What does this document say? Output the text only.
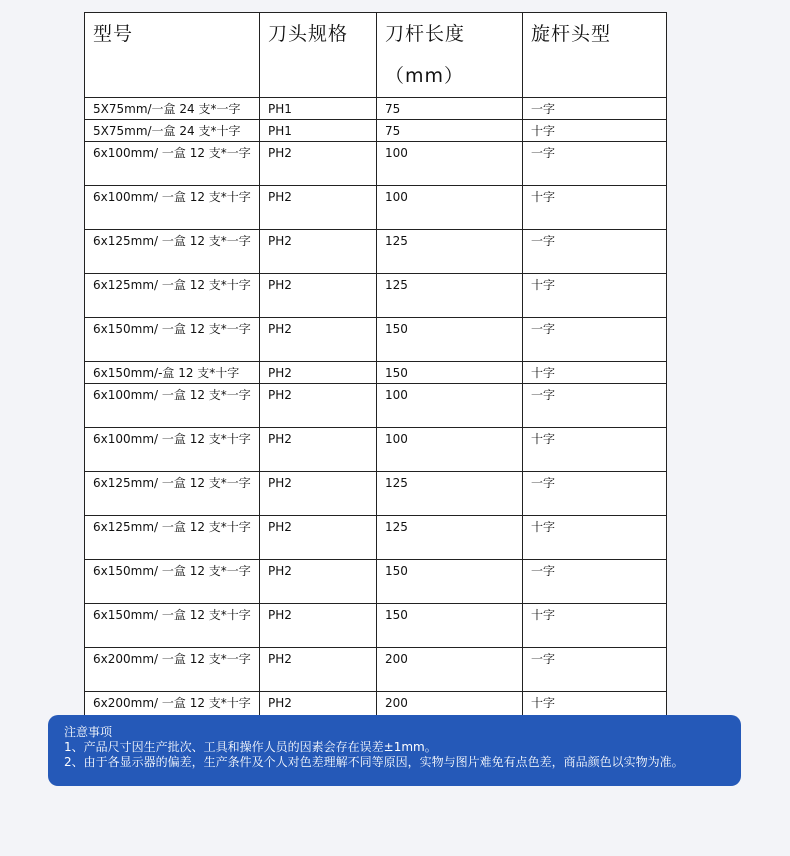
型号	刀头规格	刀杆长度（mm）	旋杆头型
5X75mm/一盒 24 支*一字	PH1	75	一字
5X75mm/一盒 24 支*十字	PH1	75	十字
6x100mm/ 一盒 12 支*一字	PH2	100	一字
6x100mm/ 一盒 12 支*十字	PH2	100	十字
6x125mm/ 一盒 12 支*一字	PH2	125	一字
6x125mm/ 一盒 12 支*十字	PH2	125	十字
6x150mm/ 一盒 12 支*一字	PH2	150	一字
6x150mm/-盒 12 支*十字	PH2	150	十字
6x100mm/ 一盒 12 支*一字	PH2	100	一字
6x100mm/ 一盒 12 支*十字	PH2	100	十字
6x125mm/ 一盒 12 支*一字	PH2	125	一字
6x125mm/ 一盒 12 支*十字	PH2	125	十字
6x150mm/ 一盒 12 支*一字	PH2	150	一字
6x150mm/ 一盒 12 支*十字	PH2	150	十字
6x200mm/ 一盒 12 支*一字	PH2	200	一字
6x200mm/ 一盒 12 支*十字	PH2	200	十字
注意事项
1、产品尺寸因生产批次、工具和操作人员的因素会存在误差±1mm。
2、由于各显示器的偏差，生产条件及个人对色差理解不同等原因，实物与图片难免有点色差，商品颜色以实物为准。
